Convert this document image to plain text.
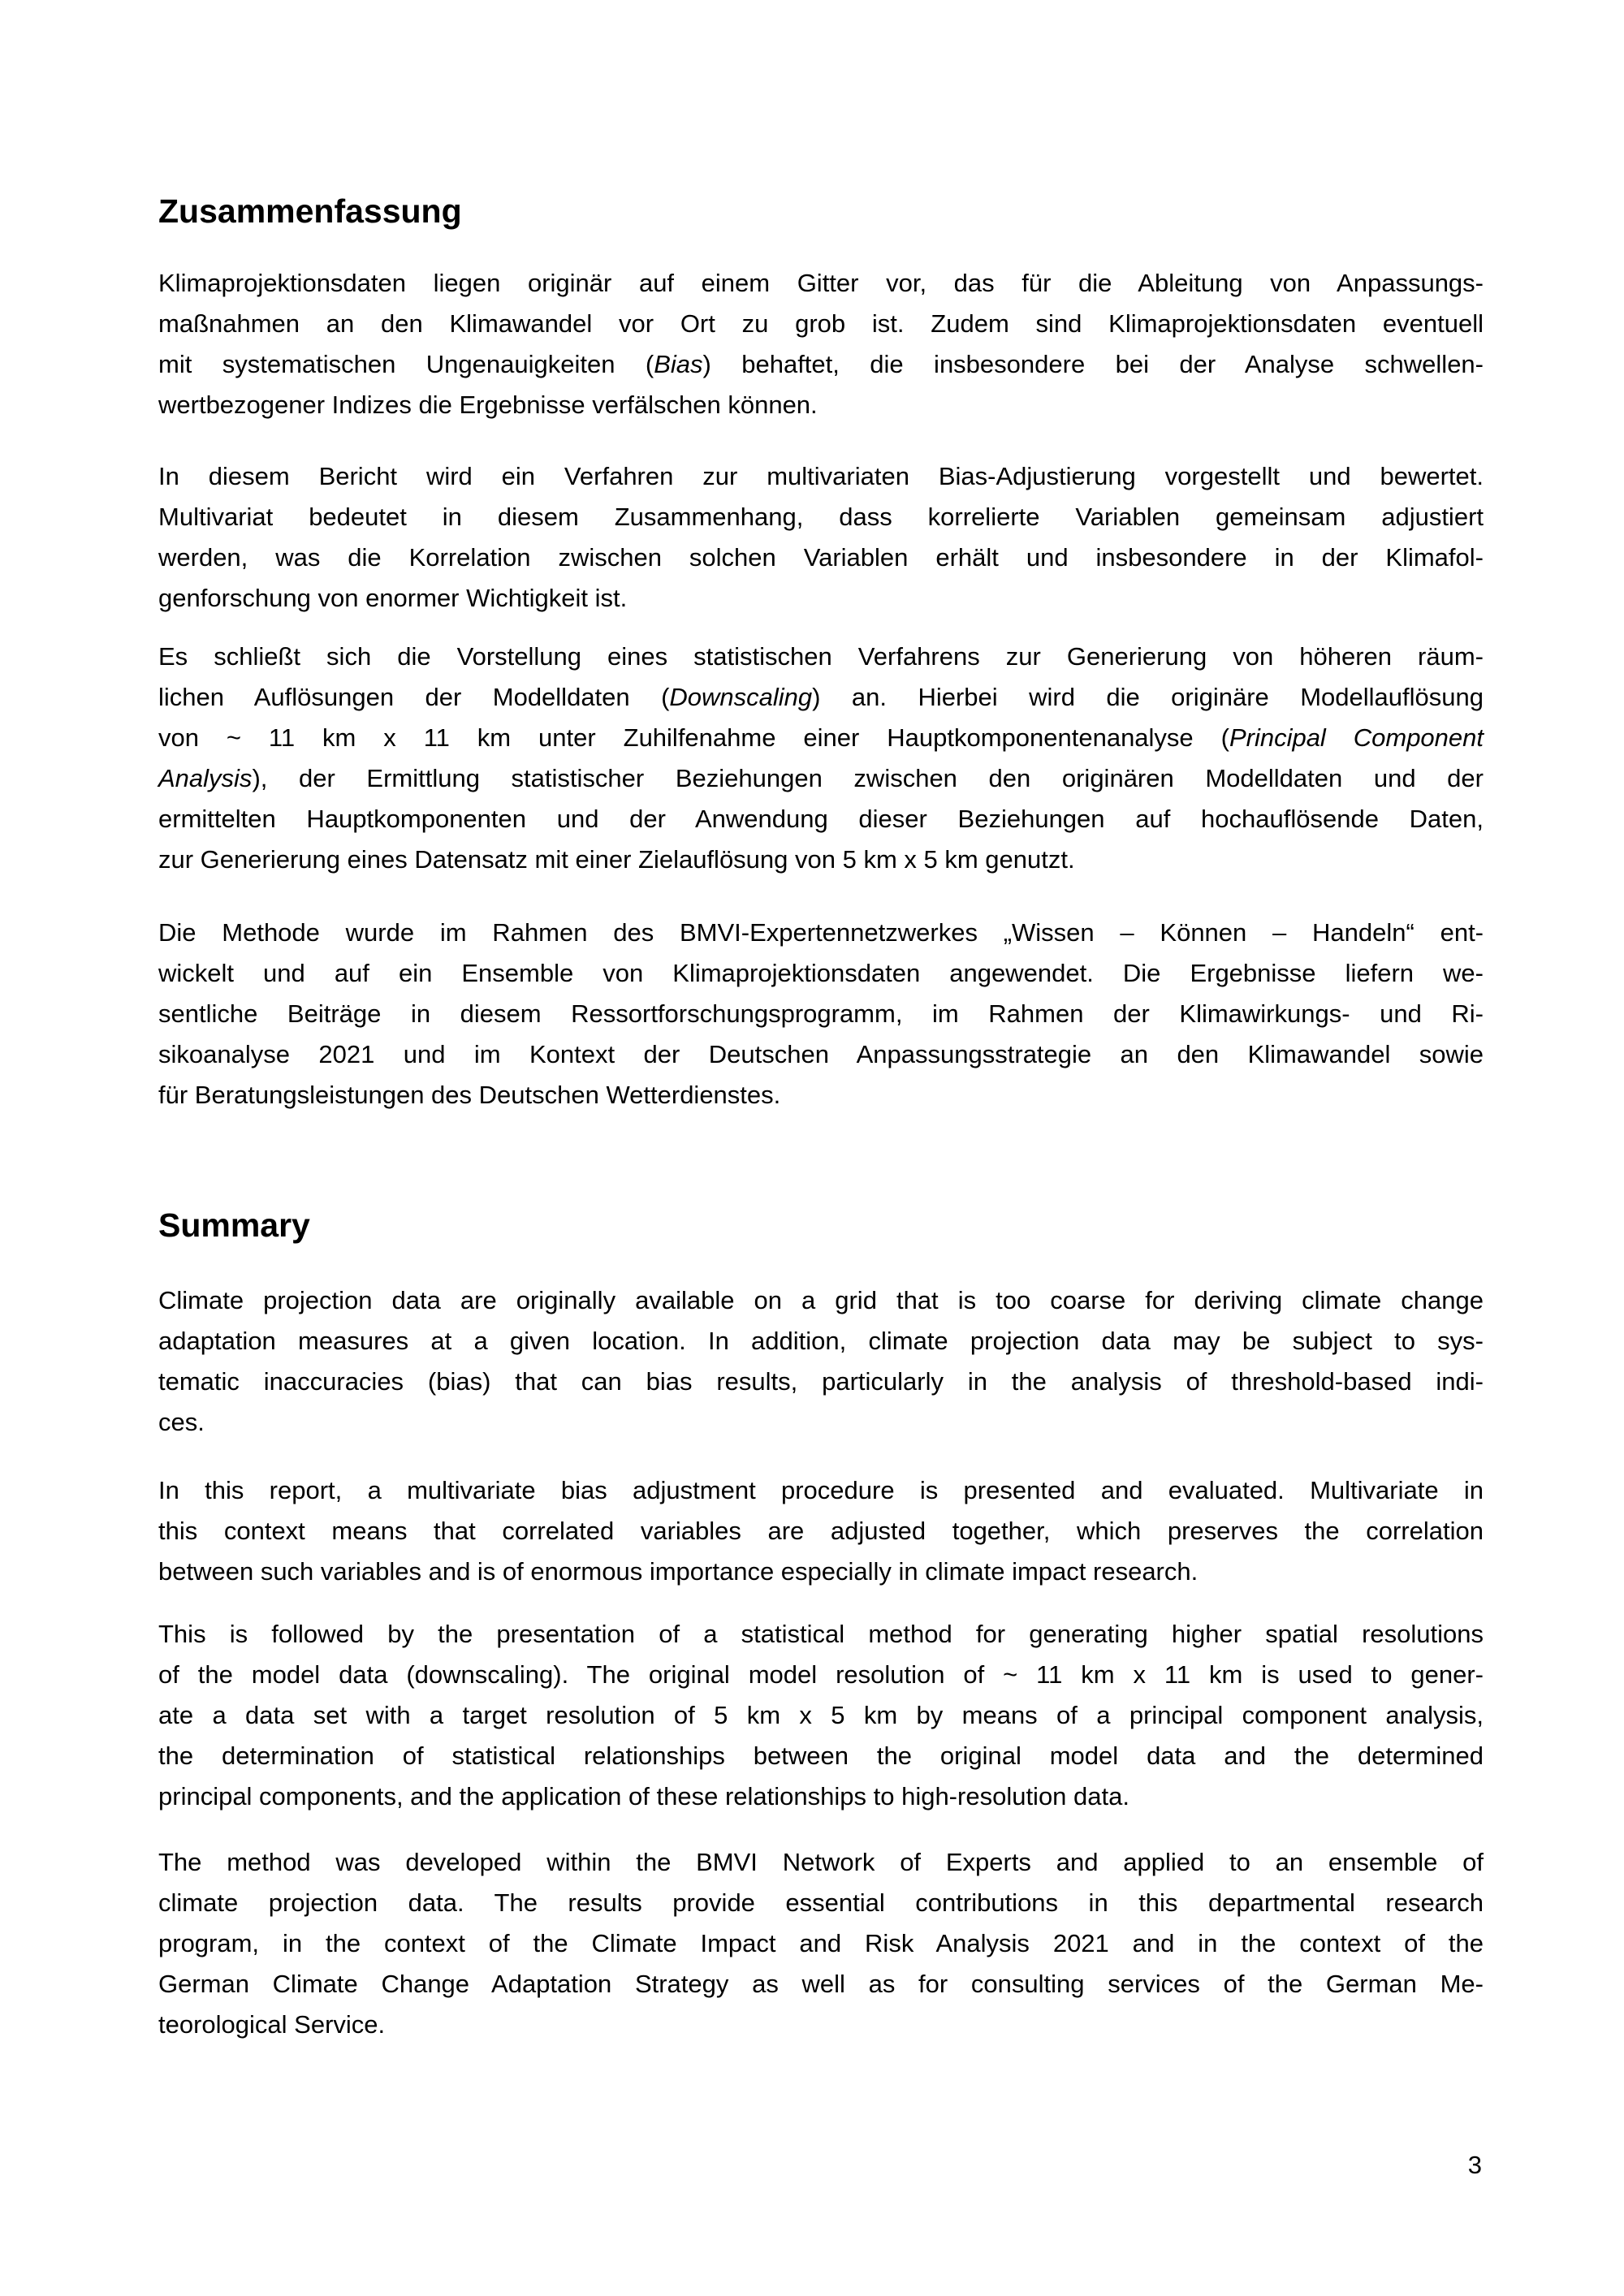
Zusammenfassung
Klimaprojektionsdaten liegen originär auf einem Gitter vor, das für die Ableitung von Anpassungs-
maßnahmen an den Klimawandel vor Ort zu grob ist. Zudem sind Klimaprojektionsdaten eventuell
mit systematischen Ungenauigkeiten (Bias) behaftet, die insbesondere bei der Analyse schwellen-
wertbezogener Indizes die Ergebnisse verfälschen können.
In diesem Bericht wird ein Verfahren zur multivariaten Bias-Adjustierung vorgestellt und bewertet.
Multivariat bedeutet in diesem Zusammenhang, dass korrelierte Variablen gemeinsam adjustiert
werden, was die Korrelation zwischen solchen Variablen erhält und insbesondere in der Klimafol-
genforschung von enormer Wichtigkeit ist.
Es schließt sich die Vorstellung eines statistischen Verfahrens zur Generierung von höheren räum-
lichen Auflösungen der Modelldaten (Downscaling) an. Hierbei wird die originäre Modellauflösung
von ~ 11 km x 11 km unter Zuhilfenahme einer Hauptkomponentenanalyse (Principal Component
Analysis), der Ermittlung statistischer Beziehungen zwischen den originären Modelldaten und der
ermittelten Hauptkomponenten und der Anwendung dieser Beziehungen auf hochauflösende Daten,
zur Generierung eines Datensatz mit einer Zielauflösung von 5 km x 5 km genutzt.
Die Methode wurde im Rahmen des BMVI-Expertennetzwerkes „Wissen – Können – Handeln“ ent-
wickelt und auf ein Ensemble von Klimaprojektionsdaten angewendet. Die Ergebnisse liefern we-
sentliche Beiträge in diesem Ressortforschungsprogramm, im Rahmen der Klimawirkungs- und Ri-
sikoanalyse 2021 und im Kontext der Deutschen Anpassungsstrategie an den Klimawandel sowie
für Beratungsleistungen des Deutschen Wetterdienstes.
Summary
Climate projection data are originally available on a grid that is too coarse for deriving climate change
adaptation measures at a given location. In addition, climate projection data may be subject to sys-
tematic inaccuracies (bias) that can bias results, particularly in the analysis of threshold-based indi-
ces.
In this report, a multivariate bias adjustment procedure is presented and evaluated. Multivariate in
this context means that correlated variables are adjusted together, which preserves the correlation
between such variables and is of enormous importance especially in climate impact research.
This is followed by the presentation of a statistical method for generating higher spatial resolutions
of the model data (downscaling). The original model resolution of ~ 11 km x 11 km is used to gener-
ate a data set with a target resolution of 5 km x 5 km by means of a principal component analysis,
the determination of statistical relationships between the original model data and the determined
principal components, and the application of these relationships to high-resolution data.
The method was developed within the BMVI Network of Experts and applied to an ensemble of
climate projection data. The results provide essential contributions in this departmental research
program, in the context of the Climate Impact and Risk Analysis 2021 and in the context of the
German Climate Change Adaptation Strategy as well as for consulting services of the German Me-
teorological Service.
3
